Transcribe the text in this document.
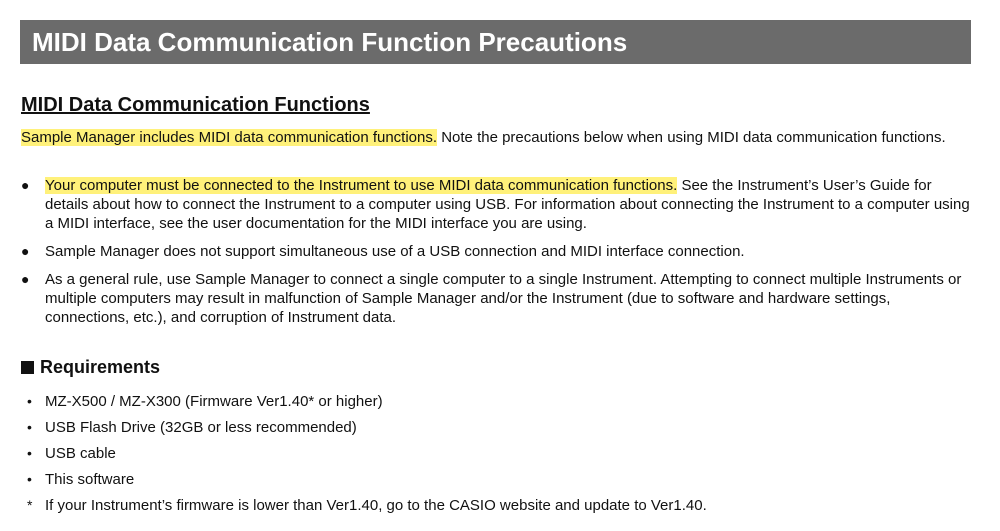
MIDI Data Communication Function Precautions
MIDI Data Communication Functions

Sample Manager includes MIDI data communication functions. Note the precautions below when using MIDI data communication functions.

●	Your computer must be connected to the Instrument to use MIDI data communication functions. See the Instrument’s User’s Guide for details about how to connect the Instrument to a computer using USB. For information about connecting the Instrument to a computer using a MIDI interface, see the user documentation for the MIDI interface you are using.

●	Sample Manager does not support simultaneous use of a USB connection and MIDI interface connection.

●	As a general rule, use Sample Manager to connect a single computer to a single Instrument. Attempting to connect multiple Instruments or multiple computers may result in malfunction of Sample Manager and/or the Instrument (due to software and hardware settings, connections, etc.), and corruption of Instrument data.

Requirements
• MZ-X500 / MZ-X300 (Firmware Ver1.40* or higher)
• USB Flash Drive (32GB or less recommended)
• USB cable
• This software
* If your Instrument’s firmware is lower than Ver1.40, go to the CASIO website and update to Ver1.40.
